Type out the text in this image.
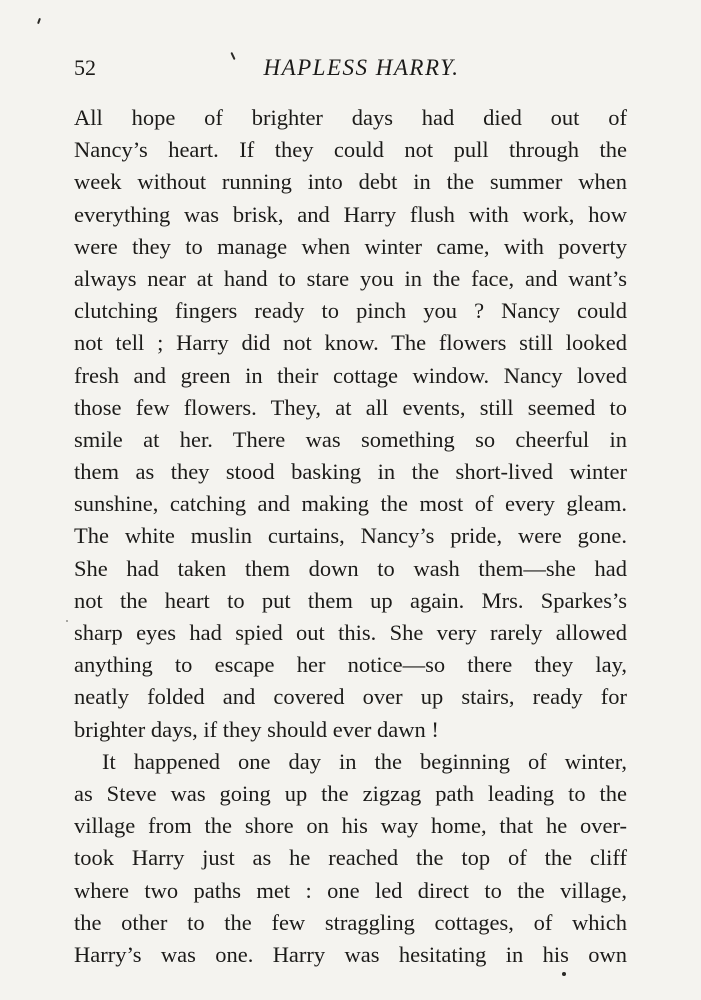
52	HAPLESS HARRY.
All hope of brighter days had died out of
Nancy’s heart. If they could not pull through the
week without running into debt in the summer when
everything was brisk, and Harry flush with work, how
were they to manage when winter came, with poverty
always near at hand to stare you in the face, and want’s
clutching fingers ready to pinch you ? Nancy could
not tell ; Harry did not know. The flowers still looked
fresh and green in their cottage window. Nancy loved
those few flowers. They, at all events, still seemed to
smile at her. There was something so cheerful in
them as they stood basking in the short-lived winter
sunshine, catching and making the most of every gleam.
The white muslin curtains, Nancy’s pride, were gone.
She had taken them down to wash them—she had
not the heart to put them up again. Mrs. Sparkes’s
sharp eyes had spied out this. She very rarely allowed
anything to escape her notice—so there they lay,
neatly folded and covered over up stairs, ready for
brighter days, if they should ever dawn !
It happened one day in the beginning of winter,
as Steve was going up the zigzag path leading to the
village from the shore on his way home, that he over-
took Harry just as he reached the top of the cliff
where two paths met : one led direct to the village,
the other to the few straggling cottages, of which
Harry’s was one. Harry was hesitating in his own
